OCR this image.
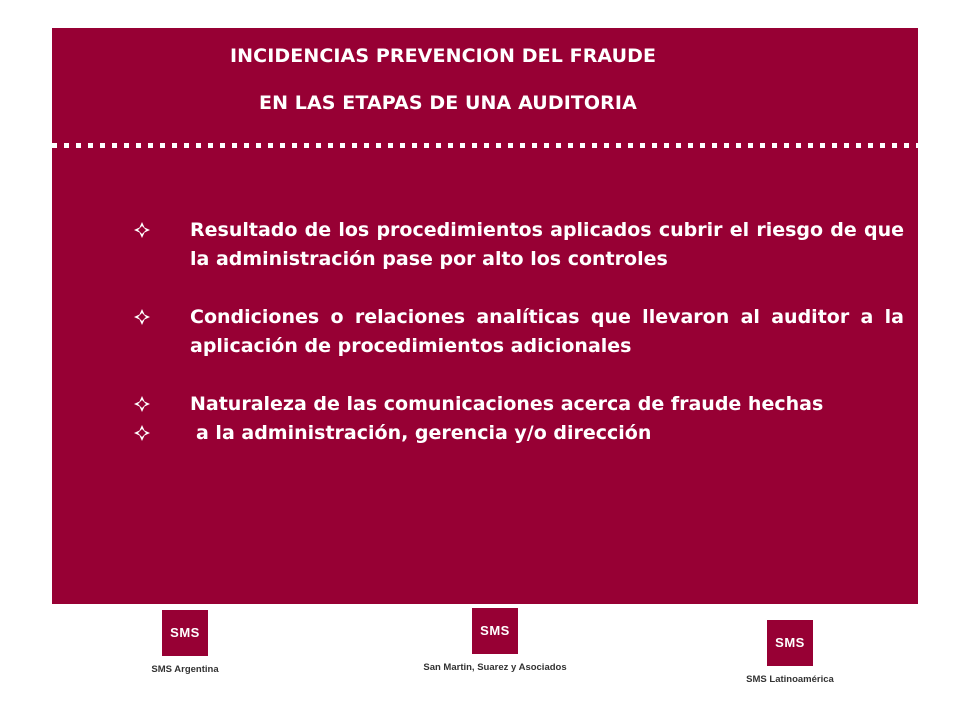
INCIDENCIAS PREVENCION DEL FRAUDE
EN LAS ETAPAS DE UNA AUDITORIA
Resultado de los procedimientos aplicados cubrir el riesgo de que la administración pase por alto los controles
Condiciones o relaciones analíticas que llevaron al auditor a la aplicación de procedimientos adicionales
Naturaleza de las comunicaciones acerca de fraude hechas
a la administración, gerencia y/o dirección
SMS
SMS Argentina
SMS
San Martin, Suarez y Asociados
SMS
SMS Latinoamérica
